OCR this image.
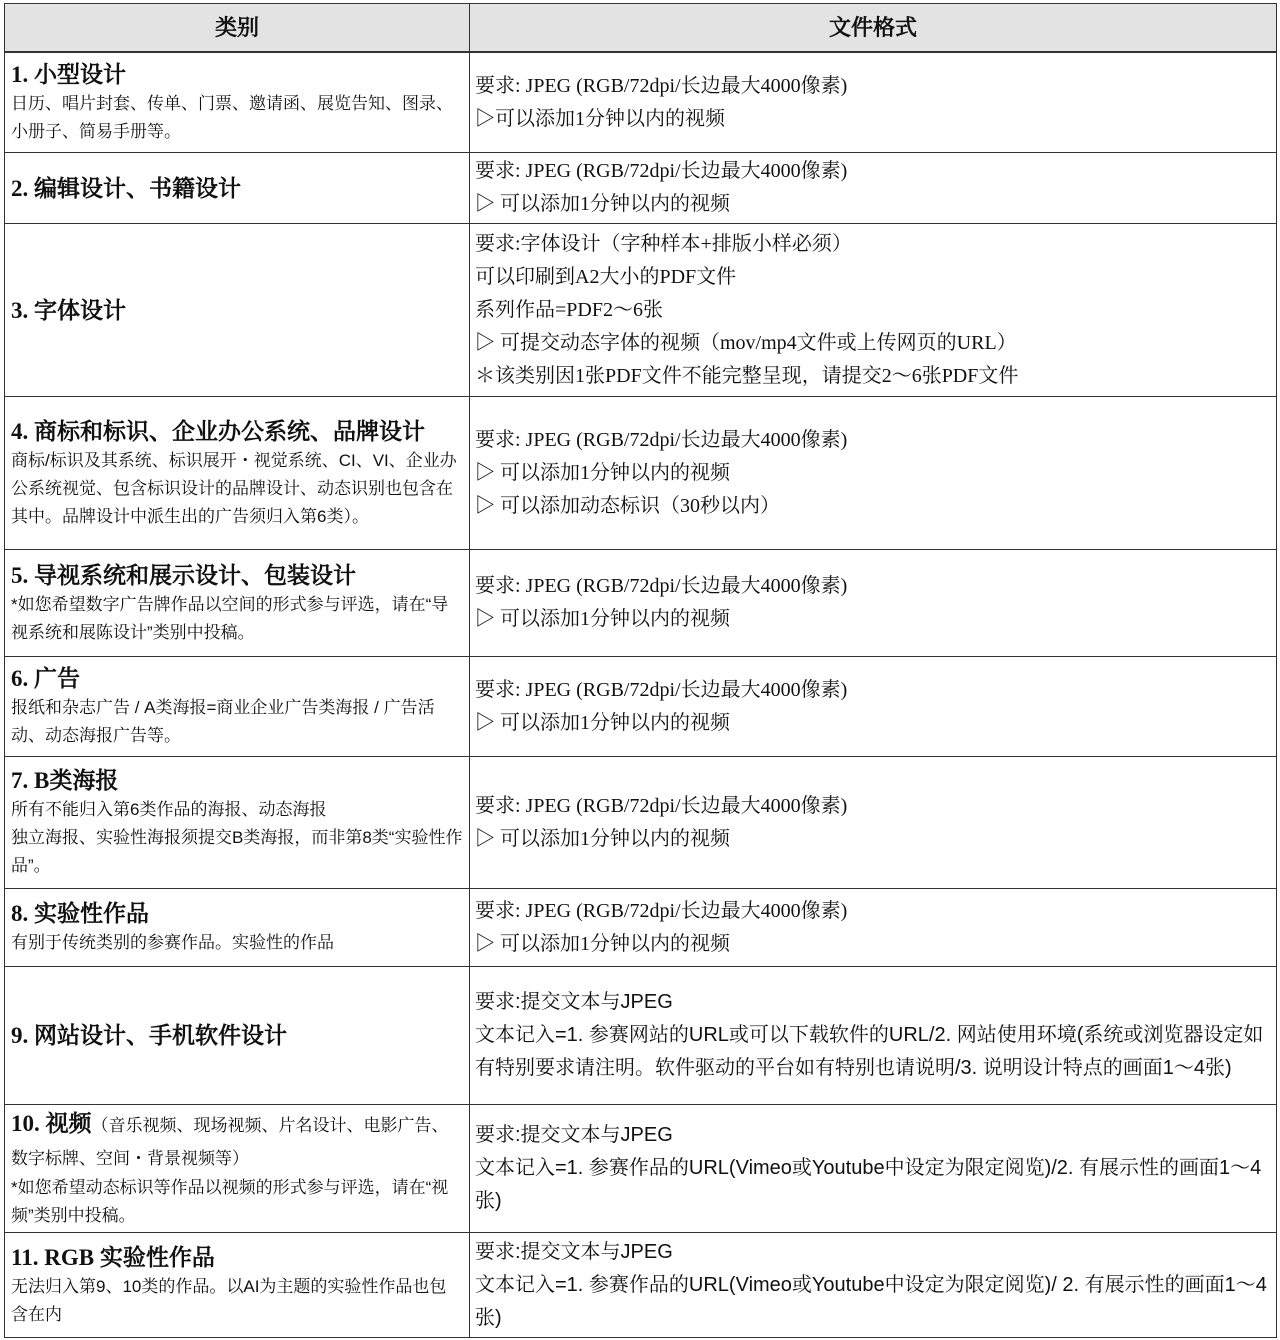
类别	文件格式
1. 小型设计
日历、唱片封套、传单、门票、邀请函、展览告知、图录、小册子、简易手册等。
要求: JPEG (RGB/72dpi/长边最大4000像素)
▷可以添加1分钟以内的视频
2. 编辑设计、书籍设计
要求: JPEG (RGB/72dpi/长边最大4000像素)
▷ 可以添加1分钟以内的视频
3. 字体设计
要求:字体设计（字种样本+排版小样必须）
可以印刷到A2大小的PDF文件
系列作品=PDF2～6张
▷ 可提交动态字体的视频（mov/mp4文件或上传网页的URL）
＊该类别因1张PDF文件不能完整呈现，请提交2～6张PDF文件
4. 商标和标识、企业办公系统、品牌设计
商标/标识及其系统、标识展开・视觉系统、CI、VI、企业办公系统视觉、包含标识设计的品牌设计、动态识别也包含在其中。品牌设计中派生出的广告须归入第6类）。
要求: JPEG (RGB/72dpi/长边最大4000像素)
▷ 可以添加1分钟以内的视频
▷ 可以添加动态标识（30秒以内）
5. 导视系统和展示设计、包装设计
*如您希望数字广告牌作品以空间的形式参与评选，请在“导视系统和展陈设计”类别中投稿。
要求: JPEG (RGB/72dpi/长边最大4000像素)
▷ 可以添加1分钟以内的视频
6. 广告
报纸和杂志广告 / A类海报=商业企业广告类海报 / 广告活动、动态海报广告等。
要求: JPEG (RGB/72dpi/长边最大4000像素)
▷ 可以添加1分钟以内的视频
7. B类海报
所有不能归入第6类作品的海报、动态海报
独立海报、实验性海报须提交B类海报，而非第8类“实验性作品”。
要求: JPEG (RGB/72dpi/长边最大4000像素)
▷ 可以添加1分钟以内的视频
8. 实验性作品
有别于传统类别的参赛作品。实验性的作品
要求: JPEG (RGB/72dpi/长边最大4000像素)
▷ 可以添加1分钟以内的视频
9. 网站设计、手机软件设计
要求:提交文本与JPEG
文本记入=1. 参赛网站的URL或可以下载软件的URL/2. 网站使用环境(系统或浏览器设定如有特别要求请注明。软件驱动的平台如有特别也请说明/3. 说明设计特点的画面1～4张)
10. 视频（音乐视频、现场视频、片名设计、电影广告、数字标牌、空间・背景视频等）
*如您希望动态标识等作品以视频的形式参与评选，请在“视频”类别中投稿。
要求:提交文本与JPEG
文本记入=1. 参赛作品的URL(Vimeo或Youtube中设定为限定阅览)/2. 有展示性的画面1～4张)
11. RGB 实验性作品
无法归入第9、10类的作品。以AI为主题的实验性作品也包含在内
要求:提交文本与JPEG
文本记入=1. 参赛作品的URL(Vimeo或Youtube中设定为限定阅览)/ 2. 有展示性的画面1～4张)
